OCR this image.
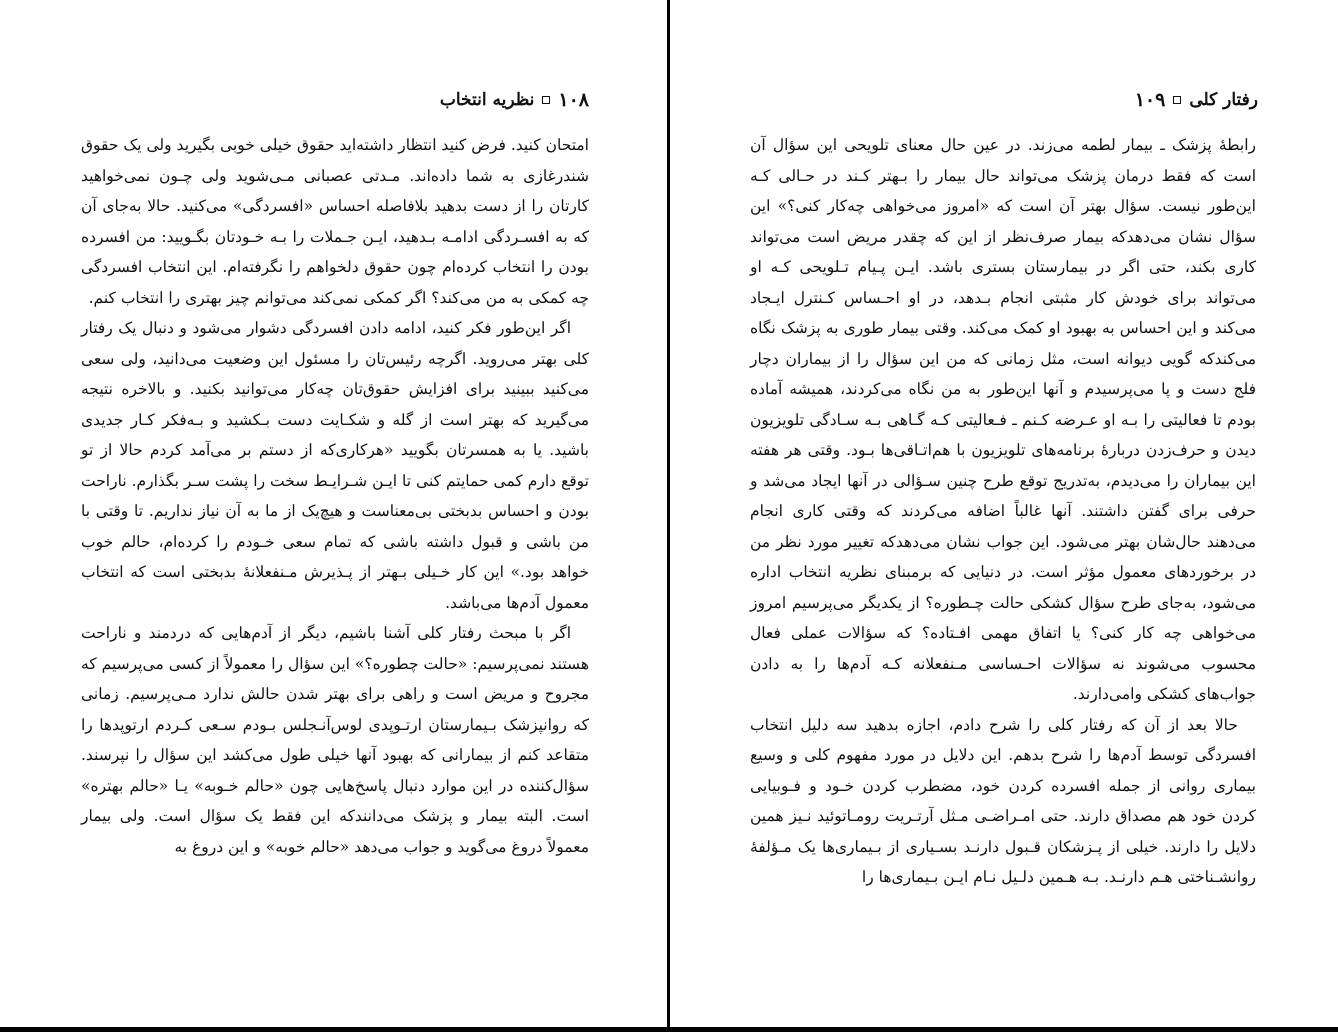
۱۰۸
نظریه انتخاب

امتحان کنید. فرض کنید انتظار داشته‌اید حقوق خیلی خوبی بگیرید ولی یک حقوق شندرغازی به شما داده‌اند. مـدتی عصبانی مـی‌شوید ولی چـون نمی‌خواهید کارتان را از دست بدهید بلافاصله احساس «افسردگی» می‌کنید. حالا به‌جای آن که به افسـردگی ادامـه بـدهید، ایـن جـملات را بـه خـودتان بگـویید: من افسرده بودن را انتخاب کرده‌ام چون حقوق دلخواهم را نگرفته‌ام. این انتخاب افسردگی چه کمکی به من می‌کند؟ اگر کمکی نمی‌کند می‌توانم چیز بهتری را انتخاب کنم.

اگر این‌طور فکر کنید، ادامه دادن افسردگی دشوار می‌شود و دنبال یک رفتار کلی بهتر می‌روید. اگرچه رئیس‌تان را مسئول این وضعیت می‌دانید، ولی سعی می‌کنید ببینید برای افزایش حقوق‌تان چه‌کار می‌توانید بکنید. و بالاخره نتیجه می‌گیرید که بهتر است از گله و شکـایت دست بـکشید و بـه‌فکر کـار جدیدی باشید. یا به همسرتان بگویید «هرکاری‌که از دستم بر می‌آمد کردم حالا از تو توقع دارم کمی حمایتم کنی تا ایـن شـرایـط سخت را پشت سـر بگذارم. ناراحت بودن و احساس بدبختی بی‌معناست و هیچ‌یک از ما به آن نیاز نداریم. تا وقتی با من باشی و قبول داشته باشی که تمام سعی خـودم را کرده‌ام، حالم خوب خواهد بود.» این کار خـیلی بـهتر از پـذیرش مـنفعلانهٔ بدبختی است که انتخاب معمول آدم‌ها می‌باشد.

اگر با مبحث رفتار کلی آشنا باشیم، دیگر از آدم‌هایی که دردمند و ناراحت هستند نمی‌پرسیم: «حالت چطوره؟» این سؤال را معمولاً از کسی می‌پرسیم که مجروح و مریض است و راهی برای بهتر شدن حالش ندارد مـی‌پرسیم. زمانی که روانپزشک بـیمارستان ارتـوپدی لوس‌آنـجلس بـودم سـعی کـردم ارتوپدها را متقاعد کنم از بیمارانی که بهبود آنها خیلی طول می‌کشد این سؤال را نپرسند. سؤال‌کننده در این موارد دنبال پاسخ‌هایی چون «حالم خـوبه» یـا «حالم بهتره» است. البته بیمار و پزشک می‌دانندکه این فقط یک سؤال است. ولی بیمار معمولاً دروغ می‌گوید و جواب می‌دهد «حالم خوبه» و این دروغ به

رفتار کلی
۱۰۹

رابطهٔ پزشک ـ بیمار لطمه می‌زند. در عین حال معنای تلویحی این سؤال آن است که فقط درمان پزشک می‌تواند حال بیمار را بـهتر کـند در حـالی کـه این‌طور نیست. سؤال بهتر آن است که «امروز می‌خواهی چه‌کار کنی؟» این سؤال نشان می‌دهدکه بیمار صرف‌نظر از این که چقدر مریض است می‌تواند کاری بکند، حتی اگر در بیمارستان بستری باشد. ایـن پـیام تـلویحی کـه او می‌تواند برای خودش کار مثبتی انجام بـدهد، در او احـساس کـنترل ایـجاد می‌کند و این احساس به بهبود او کمک می‌کند. وقتی بیمار طوری به پزشک نگاه می‌کندکه گویی دیوانه است، مثل زمانی که من این سؤال را از بیماران دچار فلج دست و پا می‌پرسیدم و آنها این‌طور به من نگاه می‌کردند، همیشه آماده بودم تا فعالیتی را بـه او عـرضه کـنم ـ فـعالیتی کـه گـاهی بـه سـادگی تلویزیون دیدن و حرف‌زدن دربارهٔ برنامه‌های تلویزیون با هم‌اتـاقی‌ها بـود. وقتی هر هفته این بیماران را می‌دیدم، به‌تدریج توقع طرح چنین سـؤالی در آنها ایجاد می‌شد و حرفی برای گفتن داشتند. آنها غالباً اضافه می‌کردند که وقتی کاری انجام می‌دهند حال‌شان بهتر می‌شود. این جواب نشان می‌دهدکه تغییر مورد نظر من در برخوردهای معمول مؤثر است. در دنیایی که برمبنای نظریه انتخاب اداره می‌شود، به‌جای طرح سؤال کشکی حالت چـطوره؟ از یکدیگر می‌پرسیم امروز می‌خواهی چه کار کنی؟ یا اتفاق مهمی افـتاده؟ که سؤالات عملی فعال محسوب می‌شوند نه سؤالات احـساسی مـنفعلانه کـه آدم‌ها را به دادن جواب‌های کشکی وامی‌دارند.

حالا بعد از آن که رفتار کلی را شرح دادم، اجازه بدهید سه دلیل انتخاب افسردگی توسط آدم‌ها را شرح بدهم. این دلایل در مورد مفهوم کلی و وسیع بیماری روانی از جمله افسرده کردن خود، مضطرب کردن خـود و فـوبیایی کردن خود هم مصداق دارند. حتی امـراضـی مـثل آرتـریت رومـاتوئید نـیز همین دلایل را دارند. خیلی از پـزشکان قـبول دارنـد بسـیاری از بـیماری‌ها یک مـؤلفهٔ روانشـناختی هـم دارنـد. بـه هـمین دلـیل نـام ایـن بـیماری‌ها را
